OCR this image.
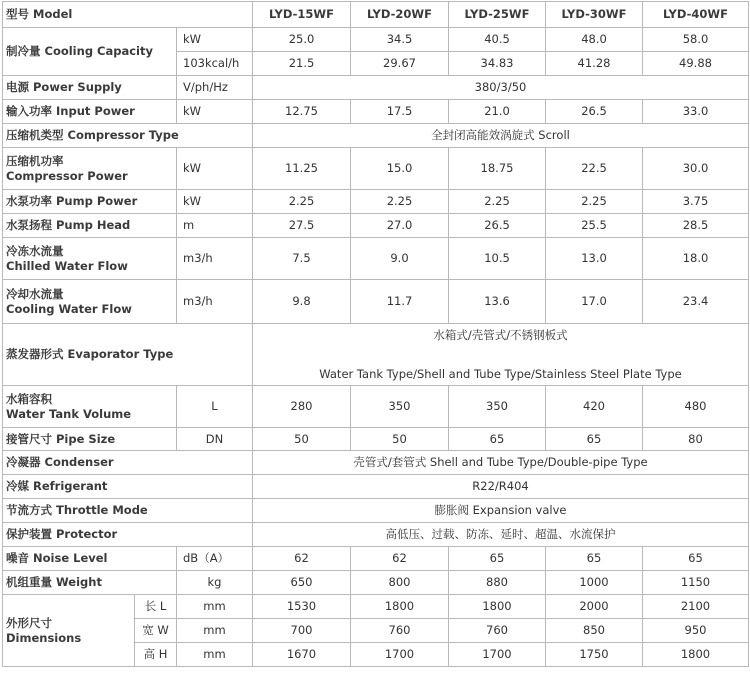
型号 Model			LYD-15WF	LYD-20WF	LYD-25WF	LYD-30WF	LYD-40WF
制冷量 Cooling Capacity		kW	25.0	34.5	40.5	48.0	58.0
		103kcal/h	21.5	29.67	34.83	41.28	49.88
电源 Power Supply		V/ph/Hz	380/3/50				
输入功率 Input Power		kW	12.75	17.5	21.0	26.5	33.0
压缩机类型 Compressor Type			全封闭高能效涡旋式 Scroll				

压缩机功率
Compressor Power		kW	11.25	15.0	18.75	22.5	30.0
水泵功率 Pump Power		kW	2.25	2.25	2.25	2.25	3.75
水泵扬程 Pump Head		m	27.5	27.0	26.5	25.5	28.5

冷冻水流量
Chilled Water Flow		m3/h	7.5	9.0	10.5	13.0	18.0

冷却水流量
Cooling Water Flow		m3/h	9.8	11.7	13.6	17.0	23.4
蒸发器形式 Evaporator Type			水箱式/壳管式/不锈钢板式
Water Tank Type/Shell and Tube Type/Stainless Steel Plate Type				

水箱容积
Water Tank Volume		L	280	350	350	420	480
接管尺寸 Pipe Size		DN	50	50	65	65	80
冷凝器 Condenser			壳管式/套管式 Shell and Tube Type/Double-pipe Type				
冷媒 Refrigerant			R22/R404				
节流方式 Throttle Mode			膨胀阀 Expansion valve				
保护装置 Protector			高低压、过载、防冻、延时、超温、水流保护				
噪音 Noise Level		dB（A）	62	62	65	65	65
机组重量 Weight		kg	650	800	880	1000	1150

外形尺寸
Dimensions	长 L	mm	1530	1800	1800	2000	2100
	宽 W	mm	700	760	760	850	950
	高 H	mm	1670	1700	1700	1750	1800
